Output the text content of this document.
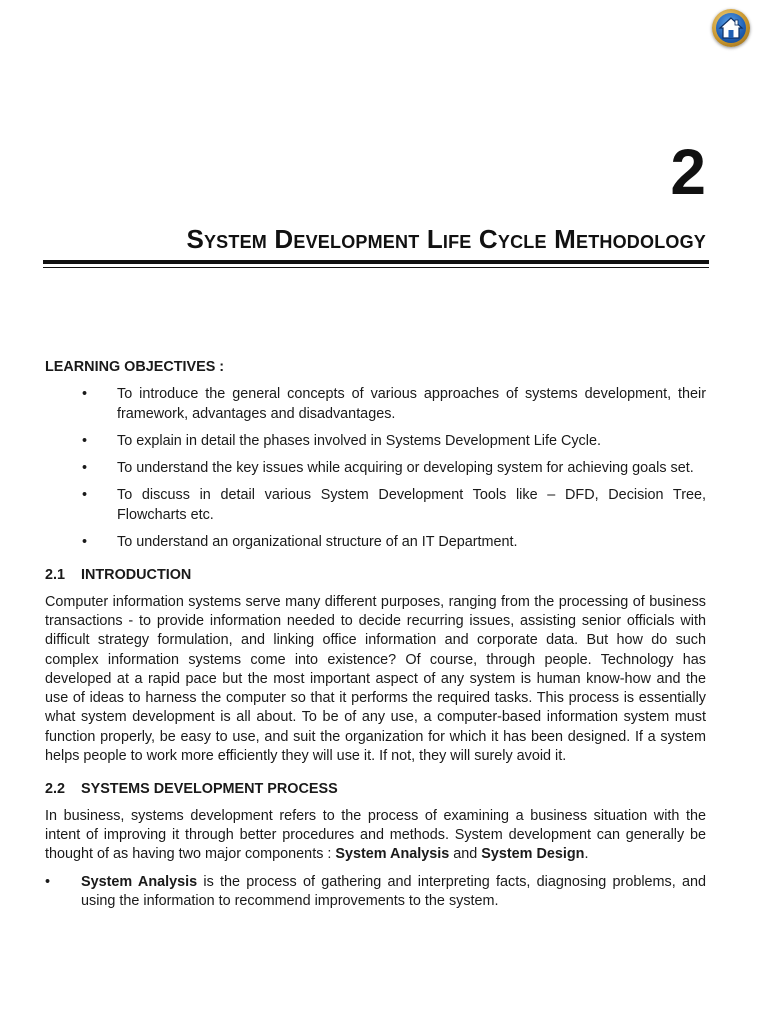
2
System Development Life Cycle Methodology

LEARNING OBJECTIVES :

• To introduce the general concepts of various approaches of systems development, their framework, advantages and disadvantages.
• To explain in detail the phases involved in Systems Development Life Cycle.
• To understand the key issues while acquiring or developing system for achieving goals set.
• To discuss in detail various System Development Tools like – DFD, Decision Tree, Flowcharts etc.
• To understand an organizational structure of an IT Department.

2.1 INTRODUCTION

Computer information systems serve many different purposes, ranging from the processing of business transactions - to provide information needed to decide recurring issues, assisting senior officials with difficult strategy formulation, and linking office information and corporate data. But how do such complex information systems come into existence? Of course, through people. Technology has developed at a rapid pace but the most important aspect of any system is human know-how and the use of ideas to harness the computer so that it performs the required tasks. This process is essentially what system development is all about. To be of any use, a computer-based information system must function properly, be easy to use, and suit the organization for which it has been designed. If a system helps people to work more efficiently they will use it. If not, they will surely avoid it.

2.2 SYSTEMS DEVELOPMENT PROCESS

In business, systems development refers to the process of examining a business situation with the intent of improving it through better procedures and methods. System development can generally be thought of as having two major components : System Analysis and System Design.

• System Analysis is the process of gathering and interpreting facts, diagnosing problems, and using the information to recommend improvements to the system.
